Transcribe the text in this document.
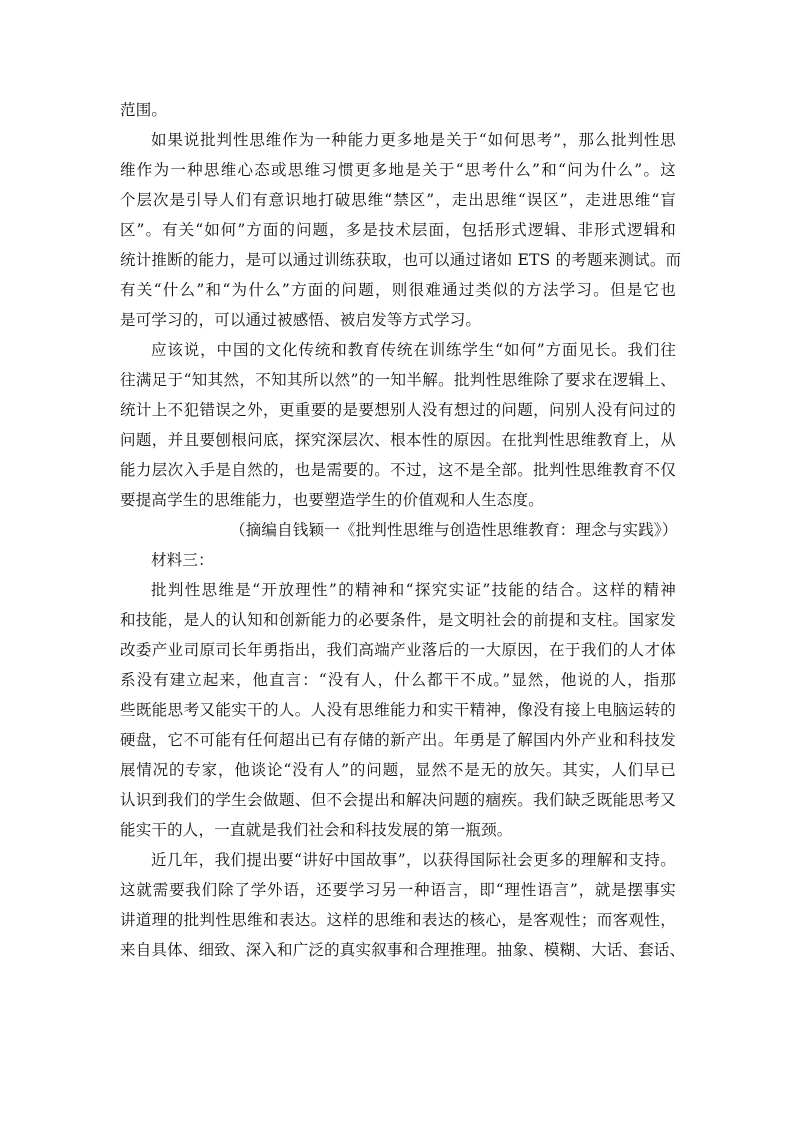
范围。
如果说批判性思维作为一种能力更多地是关于“如何思考”，那么批判性思
维作为一种思维心态或思维习惯更多地是关于“思考什么”和“问为什么”。这
个层次是引导人们有意识地打破思维“禁区”，走出思维“误区”，走进思维“盲
区”。有关“如何”方面的问题，多是技术层面，包括形式逻辑、非形式逻辑和
统计推断的能力，是可以通过训练获取，也可以通过诸如 ETS 的考题来测试。而
有关“什么”和“为什么”方面的问题，则很难通过类似的方法学习。但是它也
是可学习的，可以通过被感悟、被启发等方式学习。
应该说，中国的文化传统和教育传统在训练学生“如何”方面见长。我们往
往满足于“知其然，不知其所以然”的一知半解。批判性思维除了要求在逻辑上、
统计上不犯错误之外，更重要的是要想别人没有想过的问题，问别人没有问过的
问题，并且要刨根问底，探究深层次、根本性的原因。在批判性思维教育上，从
能力层次入手是自然的，也是需要的。不过，这不是全部。批判性思维教育不仅
要提高学生的思维能力，也要塑造学生的价值观和人生态度。
（摘编自钱颖一《批判性思维与创造性思维教育：理念与实践》）
材料三：
批判性思维是“开放理性”的精神和“探究实证”技能的结合。这样的精神
和技能，是人的认知和创新能力的必要条件，是文明社会的前提和支柱。国家发
改委产业司原司长年勇指出，我们高端产业落后的一大原因，在于我们的人才体
系没有建立起来，他直言：“没有人，什么都干不成。”显然，他说的人，指那
些既能思考又能实干的人。人没有思维能力和实干精神，像没有接上电脑运转的
硬盘，它不可能有任何超出已有存储的新产出。年勇是了解国内外产业和科技发
展情况的专家，他谈论“没有人”的问题，显然不是无的放矢。其实，人们早已
认识到我们的学生会做题、但不会提出和解决问题的痼疾。我们缺乏既能思考又
能实干的人，一直就是我们社会和科技发展的第一瓶颈。
近几年，我们提出要“讲好中国故事”，以获得国际社会更多的理解和支持。
这就需要我们除了学外语，还要学习另一种语言，即“理性语言”，就是摆事实
讲道理的批判性思维和表达。这样的思维和表达的核心，是客观性；而客观性，
来自具体、细致、深入和广泛的真实叙事和合理推理。抽象、模糊、大话、套话、
